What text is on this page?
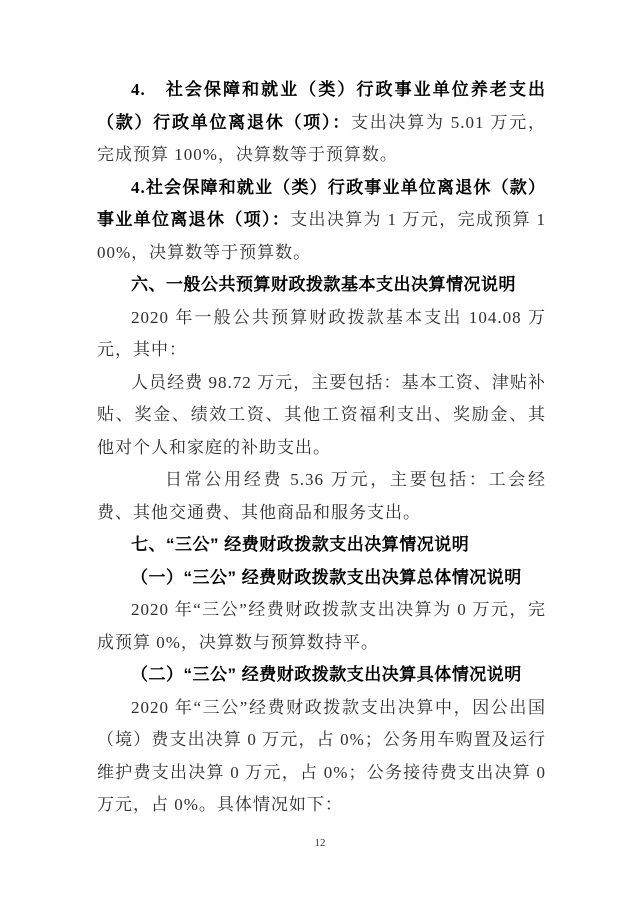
4.　社会保障和就业（类）行政事业单位养老支出（款）行政单位离退休（项）：支出决算为 5.01 万元，完成预算 100%，决算数等于预算数。

4.社会保障和就业（类）行政事业单位离退休（款）事业单位离退休（项）：支出决算为 1 万元，完成预算 100%，决算数等于预算数。

六、一般公共预算财政拨款基本支出决算情况说明

2020 年一般公共预算财政拨款基本支出 104.08 万元，其中：

人员经费 98.72 万元，主要包括：基本工资、津贴补贴、奖金、绩效工资、其他工资福利支出、奖励金、其他对个人和家庭的补助支出。

日常公用经费 5.36 万元，主要包括：工会经费、其他交通费、其他商品和服务支出。

七、“三公” 经费财政拨款支出决算情况说明

（一）“三公” 经费财政拨款支出决算总体情况说明

2020 年“三公”经费财政拨款支出决算为 0 万元，完成预算 0%，决算数与预算数持平。

（二）“三公” 经费财政拨款支出决算具体情况说明

2020 年“三公”经费财政拨款支出决算中，因公出国（境）费支出决算 0 万元，占 0%；公务用车购置及运行维护费支出决算 0 万元，占 0%；公务接待费支出决算 0 万元，占 0%。具体情况如下：

12
